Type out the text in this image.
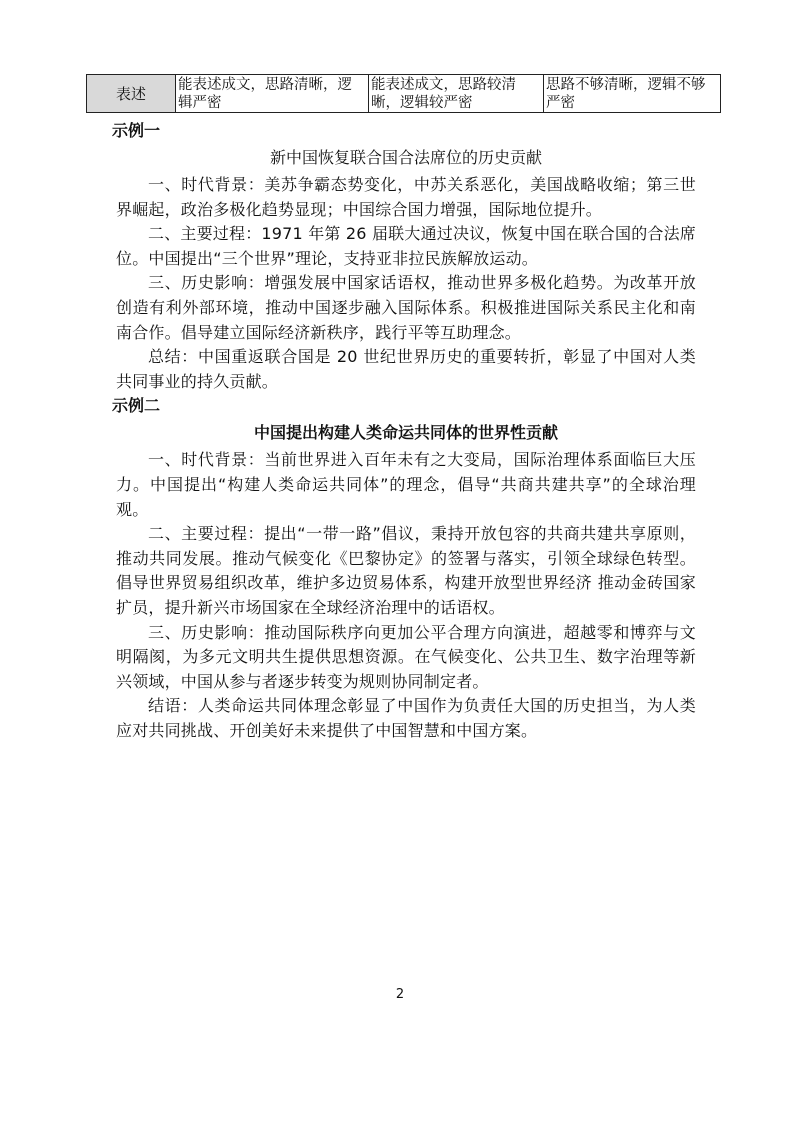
表述	能表述成文，思路清晰，逻辑严密	能表述成文，思路较清晰，逻辑较严密	思路不够清晰，逻辑不够严密
示例一
新中国恢复联合国合法席位的历史贡献

一、时代背景：美苏争霸态势变化，中苏关系恶化，美国战略收缩；第三世界崛起，政治多极化趋势显现；中国综合国力增强，国际地位提升。

二、主要过程：1971 年第 26 届联大通过决议，恢复中国在联合国的合法席位。中国提出“三个世界”理论，支持亚非拉民族解放运动。

三、历史影响：增强发展中国家话语权，推动世界多极化趋势。为改革开放创造有利外部环境，推动中国逐步融入国际体系。积极推进国际关系民主化和南南合作。倡导建立国际经济新秩序，践行平等互助理念。

总结：中国重返联合国是 20 世纪世界历史的重要转折，彰显了中国对人类共同事业的持久贡献。

示例二
中国提出构建人类命运共同体的世界性贡献

一、时代背景：当前世界进入百年未有之大变局，国际治理体系面临巨大压力。中国提出“构建人类命运共同体”的理念，倡导“共商共建共享”的全球治理观。

二、主要过程：提出“一带一路”倡议，秉持开放包容的共商共建共享原则，推动共同发展。推动气候变化《巴黎协定》的签署与落实，引领全球绿色转型。倡导世界贸易组织改革，维护多边贸易体系，构建开放型世界经济 推动金砖国家扩员，提升新兴市场国家在全球经济治理中的话语权。

三、历史影响：推动国际秩序向更加公平合理方向演进，超越零和博弈与文明隔阂，为多元文明共生提供思想资源。在气候变化、公共卫生、数字治理等新兴领域，中国从参与者逐步转变为规则协同制定者。

结语：人类命运共同体理念彰显了中国作为负责任大国的历史担当，为人类应对共同挑战、开创美好未来提供了中国智慧和中国方案。

2
